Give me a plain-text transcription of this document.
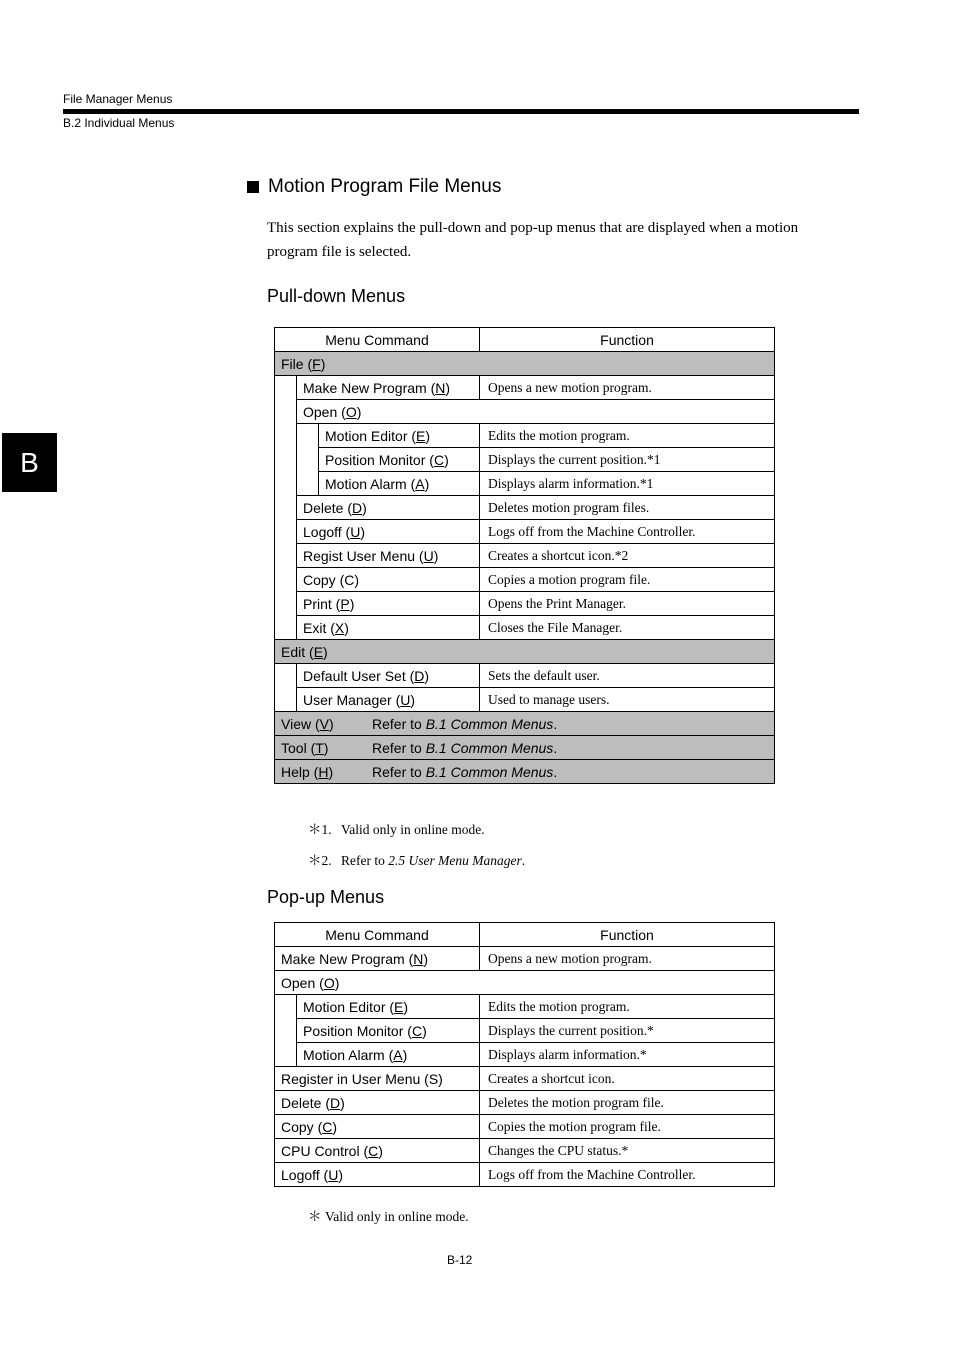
File Manager Menus
B.2 Individual Menus
B
Motion Program File Menus
This section explains the pull-down and pop-up menus that are displayed when a motion program file is selected.
Pull-down Menus
Menu Command			Function
File (F)			
	Make New Program (N)		Opens a new motion program.
	Open (O)		
		Motion Editor (E)	Edits the motion program.
		Position Monitor (C)	Displays the current position.*1
		Motion Alarm (A)	Displays alarm information.*1
	Delete (D)		Deletes motion program files.
	Logoff (U)		Logs off from the Machine Controller.
	Regist User Menu (U)		Creates a shortcut icon.*2
	Copy (C)		Copies a motion program file.
	Print (P)		Opens the Print Manager.
	Exit (X)		Closes the File Manager.
Edit (E)			
	Default User Set (D)		Sets the default user.
	User Manager (U)		Used to manage users.
View (V) Refer to B.1 Common Menus.			
Tool (T) Refer to B.1 Common Menus.			
Help (H) Refer to B.1 Common Menus.			
＊1. Valid only in online mode.
＊2. Refer to 2.5 User Menu Manager.
Pop-up Menus
Menu Command		Function
Make New Program (N)		Opens a new motion program.
Open (O)		
	Motion Editor (E)	Edits the motion program.
	Position Monitor (C)	Displays the current position.*
	Motion Alarm (A)	Displays alarm information.*
Register in User Menu (S)		Creates a shortcut icon.
Delete (D)		Deletes the motion program file.
Copy (C)		Copies the motion program file.
CPU Control (C)		Changes the CPU status.*
Logoff (U)		Logs off from the Machine Controller.
＊ Valid only in online mode.
B-12
